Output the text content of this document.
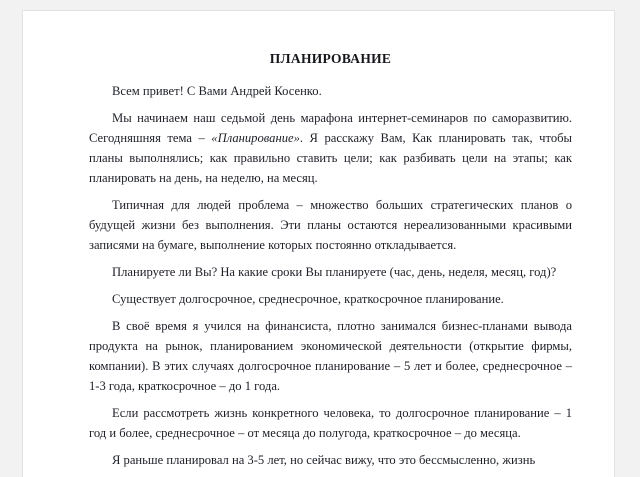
ПЛАНИРОВАНИЕ

Всем привет! С Вами Андрей Косенко.

Мы начинаем наш седьмой день марафона интернет-семинаров по саморазвитию. Сегодняшняя тема – «Планирование». Я расскажу Вам, Как планировать так, чтобы планы выполнялись; как правильно ставить цели; как разбивать цели на этапы; как планировать на день, на неделю, на месяц.

Типичная для людей проблема – множество больших стратегических планов о будущей жизни без выполнения. Эти планы остаются нереализованными красивыми записями на бумаге, выполнение которых постоянно откладывается.

Планируете ли Вы? На какие сроки Вы планируете (час, день, неделя, месяц, год)?

Существует долгосрочное, среднесрочное, краткосрочное планирование.

В своё время я учился на финансиста, плотно занимался бизнес-планами вывода продукта на рынок, планированием экономической деятельности (открытие фирмы, компании). В этих случаях долгосрочное планирование – 5 лет и более, среднесрочное – 1-3 года, краткосрочное – до 1 года.

Если рассмотреть жизнь конкретного человека, то долгосрочное планирование – 1 год и более, среднесрочное – от месяца до полугода, краткосрочное – до месяца.

Я раньше планировал на 3-5 лет, но сейчас вижу, что это бессмысленно, жизнь
